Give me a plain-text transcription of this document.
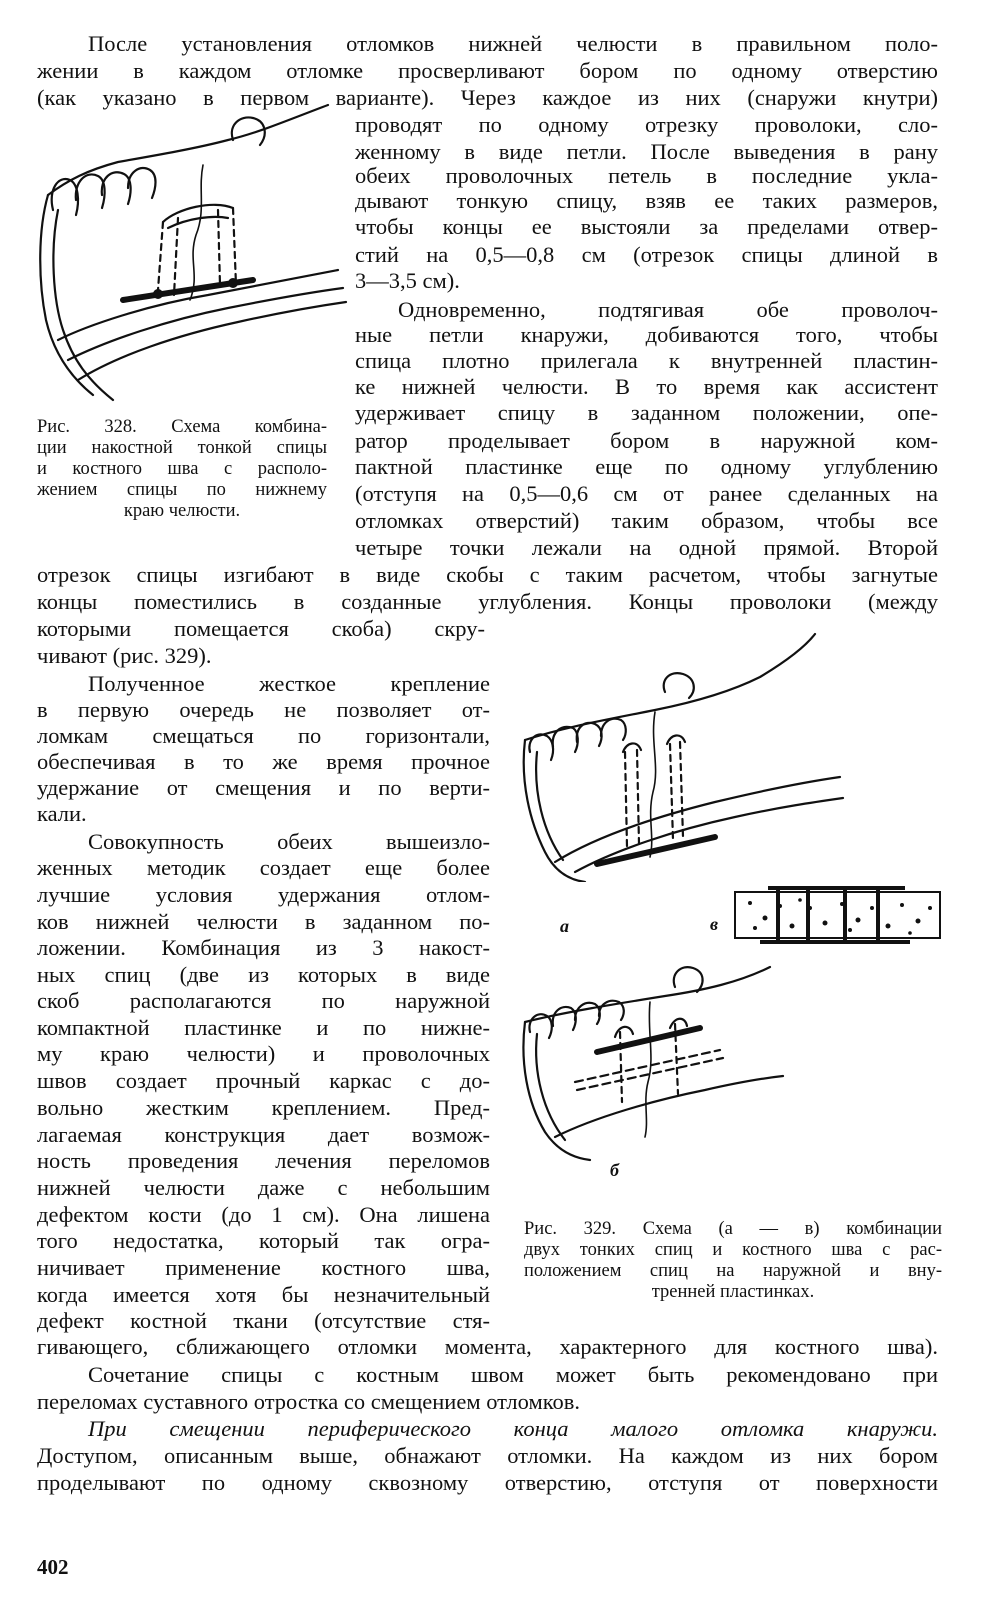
После установления отломков нижней челюсти в правильном поло-
жении в каждом отломке просверливают бором по одному отверстию
(как указано в первом варианте). Через каждое из них (снаружи кнутри)
проводят по одному отрезку проволоки, сло-
женному в виде петли. После выведения в рану
обеих проволочных петель в последние укла-
дывают тонкую спицу, взяв ее таких размеров,
чтобы концы ее выстояли за пределами отвер-
стий на 0,5—0,8 см (отрезок спицы длиной в
3—3,5 см).
Одновременно, подтягивая обе проволоч-
ные петли кнаружи, добиваются того, чтобы
спица плотно прилегала к внутренней пластин-
ке нижней челюсти. В то время как ассистент
удерживает спицу в заданном положении, опе-
ратор проделывает бором в наружной ком-
пактной пластинке еще по одному углублению
(отступя на 0,5—0,6 см от ранее сделанных на
отломках отверстий) таким образом, чтобы все
четыре точки лежали на одной прямой. Второй
отрезок спицы изгибают в виде скобы с таким расчетом, чтобы загнутые
концы поместились в созданные углубления. Концы проволоки (между
которыми помещается скоба) скру-
чивают (рис. 329).
Полученное жесткое крепление
в первую очередь не позволяет от-
ломкам смещаться по горизонтали,
обеспечивая в то же время прочное
удержание от смещения и по верти-
кали.
Совокупность обеих вышеизло-
женных методик создает еще более
лучшие условия удержания отлом-
ков нижней челюсти в заданном по-
ложении. Комбинация из 3 накост-
ных спиц (две из которых в виде
скоб располагаются по наружной
компактной пластинке и по нижне-
му краю челюсти) и проволочных
швов создает прочный каркас с до-
вольно жестким креплением. Пред-
лагаемая конструкция дает возмож-
ность проведения лечения переломов
нижней челюсти даже с небольшим
дефектом кости (до 1 см). Она лишена
того недостатка, который так огра-
ничивает применение костного шва,
когда имеется хотя бы незначительный
дефект костной ткани (отсутствие стя-
гивающего, сближающего отломки момента, характерного для костного шва).
Сочетание спицы с костным швом может быть рекомендовано при
переломах суставного отростка со смещением отломков.
При смещении периферического конца малого отломка кнаружи.
Доступом, описанным выше, обнажают отломки. На каждом из них бором
проделывают по одному сквозному отверстию, отступя от поверхности
Рис. 328. Схема комбина-
ции накостной тонкой спицы
и костного шва с располо-
жением спицы по нижнему
краю челюсти.
а	в
б
Рис. 329. Схема (а — в) комбинации
двух тонких спиц и костного шва с рас-
положением спиц на наружной и вну-
тренней пластинках.
402
